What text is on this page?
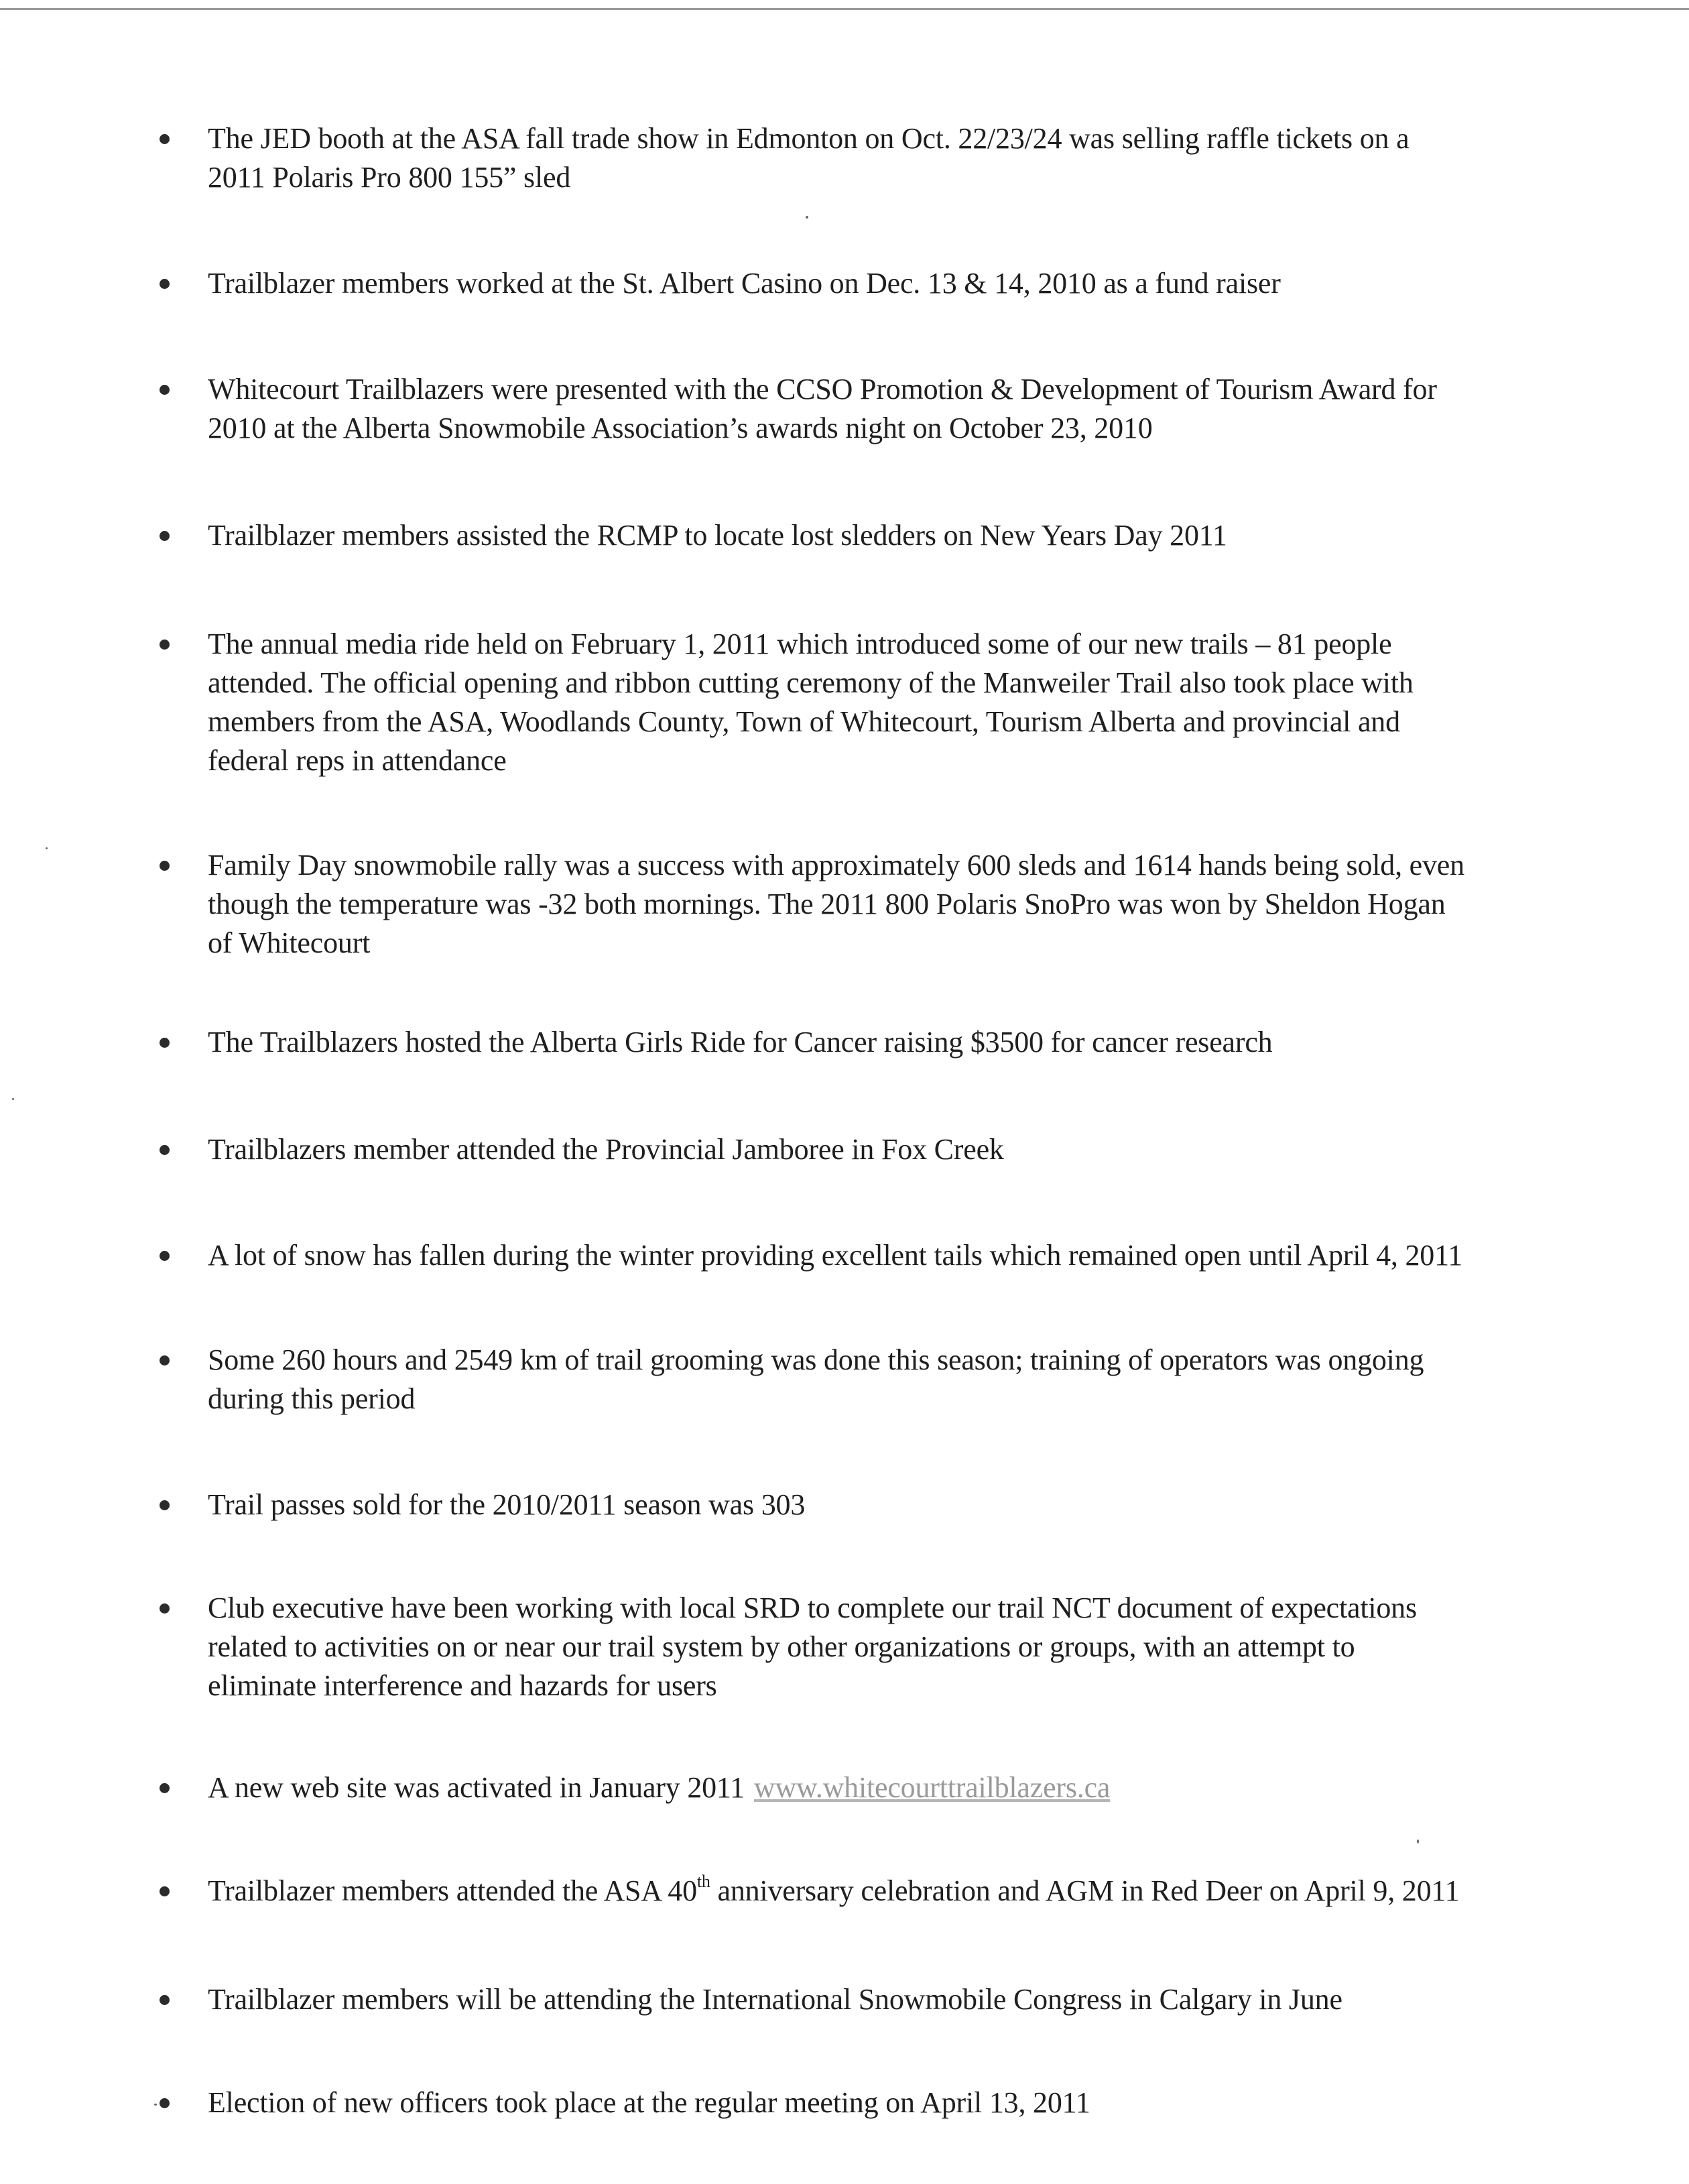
The JED booth at the ASA fall trade show in Edmonton on Oct. 22/23/24 was selling raffle tickets on a
2011 Polaris Pro 800 155” sled
Trailblazer members worked at the St. Albert Casino on Dec. 13 & 14, 2010 as a fund raiser
Whitecourt Trailblazers were presented with the CCSO Promotion & Development of Tourism Award for
2010 at the Alberta Snowmobile Association’s awards night on October 23, 2010
Trailblazer members assisted the RCMP to locate lost sledders on New Years Day 2011
The annual media ride held on February 1, 2011 which introduced some of our new trails – 81 people
attended. The official opening and ribbon cutting ceremony of the Manweiler Trail also took place with
members from the ASA, Woodlands County, Town of Whitecourt, Tourism Alberta and provincial and
federal reps in attendance
Family Day snowmobile rally was a success with approximately 600 sleds and 1614 hands being sold, even
though the temperature was -32 both mornings. The 2011 800 Polaris SnoPro was won by Sheldon Hogan
of Whitecourt
The Trailblazers hosted the Alberta Girls Ride for Cancer raising $3500 for cancer research
Trailblazers member attended the Provincial Jamboree in Fox Creek
A lot of snow has fallen during the winter providing excellent tails which remained open until April 4, 2011
Some 260 hours and 2549 km of trail grooming was done this season; training of operators was ongoing
during this period
Trail passes sold for the 2010/2011 season was 303
Club executive have been working with local SRD to complete our trail NCT document of expectations
related to activities on or near our trail system by other organizations or groups, with an attempt to
eliminate interference and hazards for users
A new web site was activated in January 2011 www.whitecourttrailblazers.ca
Trailblazer members attended the ASA 40th anniversary celebration and AGM in Red Deer on April 9, 2011
Trailblazer members will be attending the International Snowmobile Congress in Calgary in June
Election of new officers took place at the regular meeting on April 13, 2011
